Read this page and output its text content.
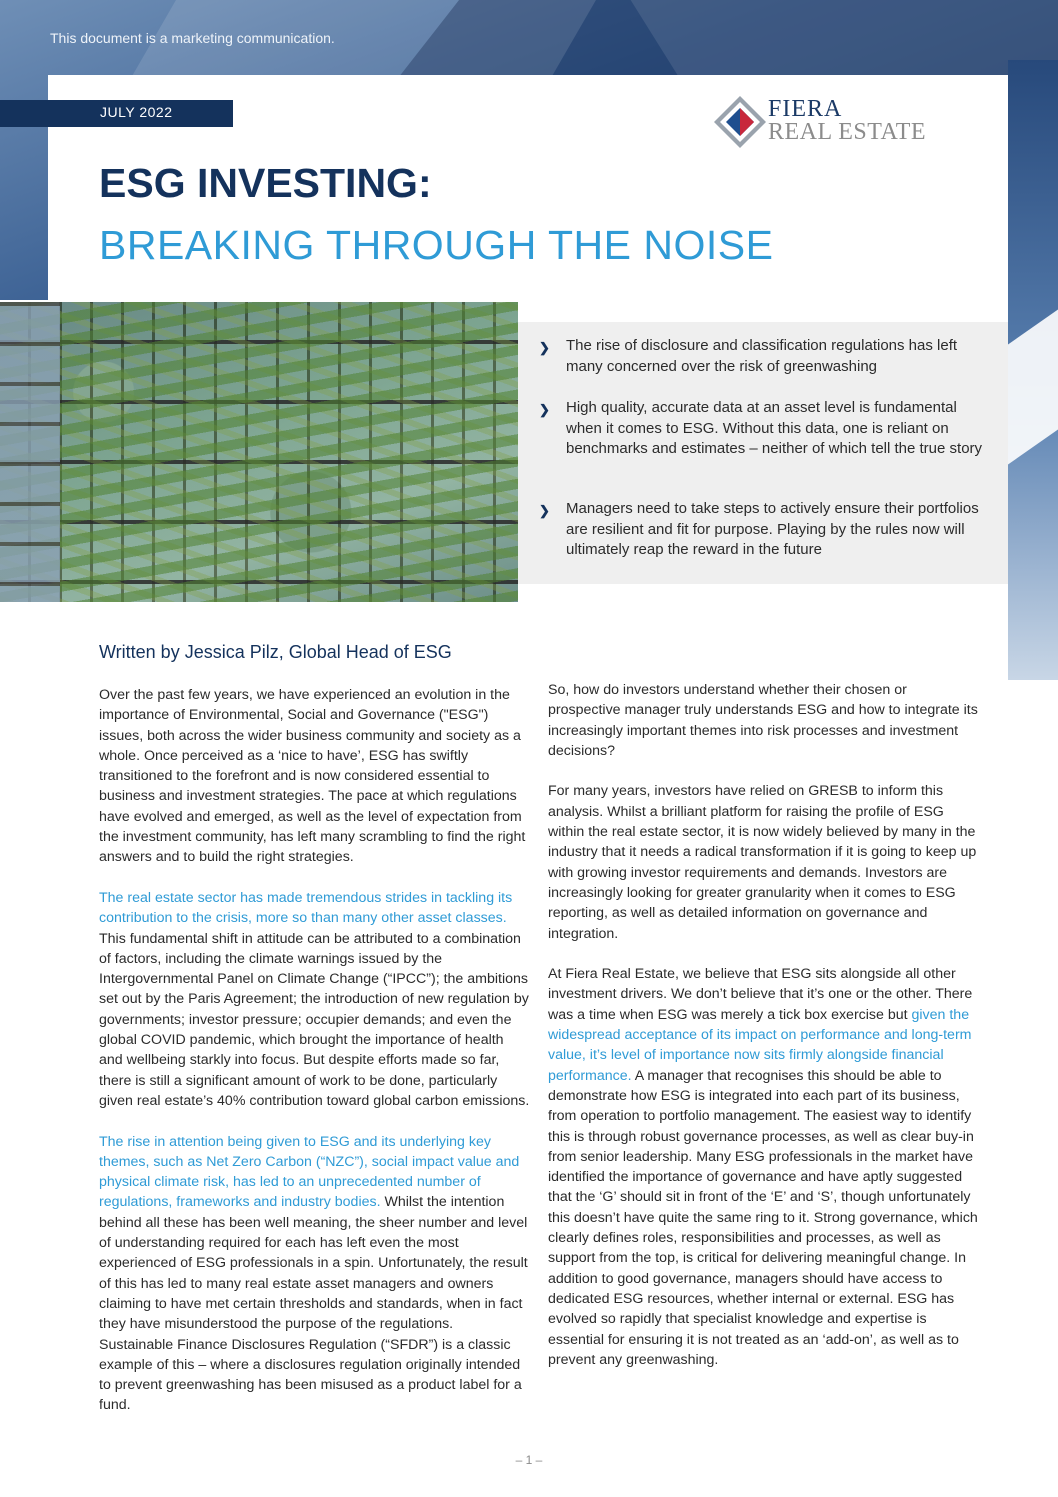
This document is a marketing communication.
JULY 2022	FIERA
REAL ESTATE
ESG INVESTING:
BREAKING THROUGH THE NOISE
❯ The rise of disclosure and classification regulations has left many concerned over the risk of greenwashing
❯ High quality, accurate data at an asset level is fundamental when it comes to ESG. Without this data, one is reliant on benchmarks and estimates – neither of which tell the true story
❯ Managers need to take steps to actively ensure their portfolios are resilient and fit for purpose. Playing by the rules now will ultimately reap the reward in the future
Written by Jessica Pilz, Global Head of ESG

Over the past few years, we have experienced an evolution in the importance of Environmental, Social and Governance ("ESG") issues, both across the wider business community and society as a whole. Once perceived as a ‘nice to have’, ESG has swiftly transitioned to the forefront and is now considered essential to business and investment strategies. The pace at which regulations have evolved and emerged, as well as the level of expectation from the investment community, has left many scrambling to find the right answers and to build the right strategies.

The real estate sector has made tremendous strides in tackling its contribution to the crisis, more so than many other asset classes. This fundamental shift in attitude can be attributed to a combination of factors, including the climate warnings issued by the Intergovernmental Panel on Climate Change (“IPCC”); the ambitions set out by the Paris Agreement; the introduction of new regulation by governments; investor pressure; occupier demands; and even the global COVID pandemic, which brought the importance of health and wellbeing starkly into focus. But despite efforts made so far, there is still a significant amount of work to be done, particularly given real estate’s 40% contribution toward global carbon emissions.

The rise in attention being given to ESG and its underlying key themes, such as Net Zero Carbon (“NZC”), social impact value and physical climate risk, has led to an unprecedented number of regulations, frameworks and industry bodies. Whilst the intention behind all these has been well meaning, the sheer number and level of understanding required for each has left even the most experienced of ESG professionals in a spin. Unfortunately, the result of this has led to many real estate asset managers and owners claiming to have met certain thresholds and standards, when in fact they have misunderstood the purpose of the regulations. Sustainable Finance Disclosures Regulation (“SFDR”) is a classic example of this – where a disclosures regulation originally intended to prevent greenwashing has been misused as a product label for a fund.

So, how do investors understand whether their chosen or prospective manager truly understands ESG and how to integrate its increasingly important themes into risk processes and investment decisions?

For many years, investors have relied on GRESB to inform this analysis. Whilst a brilliant platform for raising the profile of ESG within the real estate sector, it is now widely believed by many in the industry that it needs a radical transformation if it is going to keep up with growing investor requirements and demands. Investors are increasingly looking for greater granularity when it comes to ESG reporting, as well as detailed information on governance and integration.

At Fiera Real Estate, we believe that ESG sits alongside all other investment drivers. We don’t believe that it’s one or the other. There was a time when ESG was merely a tick box exercise but given the widespread acceptance of its impact on performance and long-term value, it’s level of importance now sits firmly alongside financial performance. A manager that recognises this should be able to demonstrate how ESG is integrated into each part of its business, from operation to portfolio management. The easiest way to identify this is through robust governance processes, as well as clear buy-in from senior leadership. Many ESG professionals in the market have identified the importance of governance and have aptly suggested that the ‘G’ should sit in front of the ‘E’ and ‘S’, though unfortunately this doesn’t have quite the same ring to it. Strong governance, which clearly defines roles, responsibilities and processes, as well as support from the top, is critical for delivering meaningful change. In addition to good governance, managers should have access to dedicated ESG resources, whether internal or external. ESG has evolved so rapidly that specialist knowledge and expertise is essential for ensuring it is not treated as an ‘add-on’, as well as to prevent any greenwashing.

– 1 –
